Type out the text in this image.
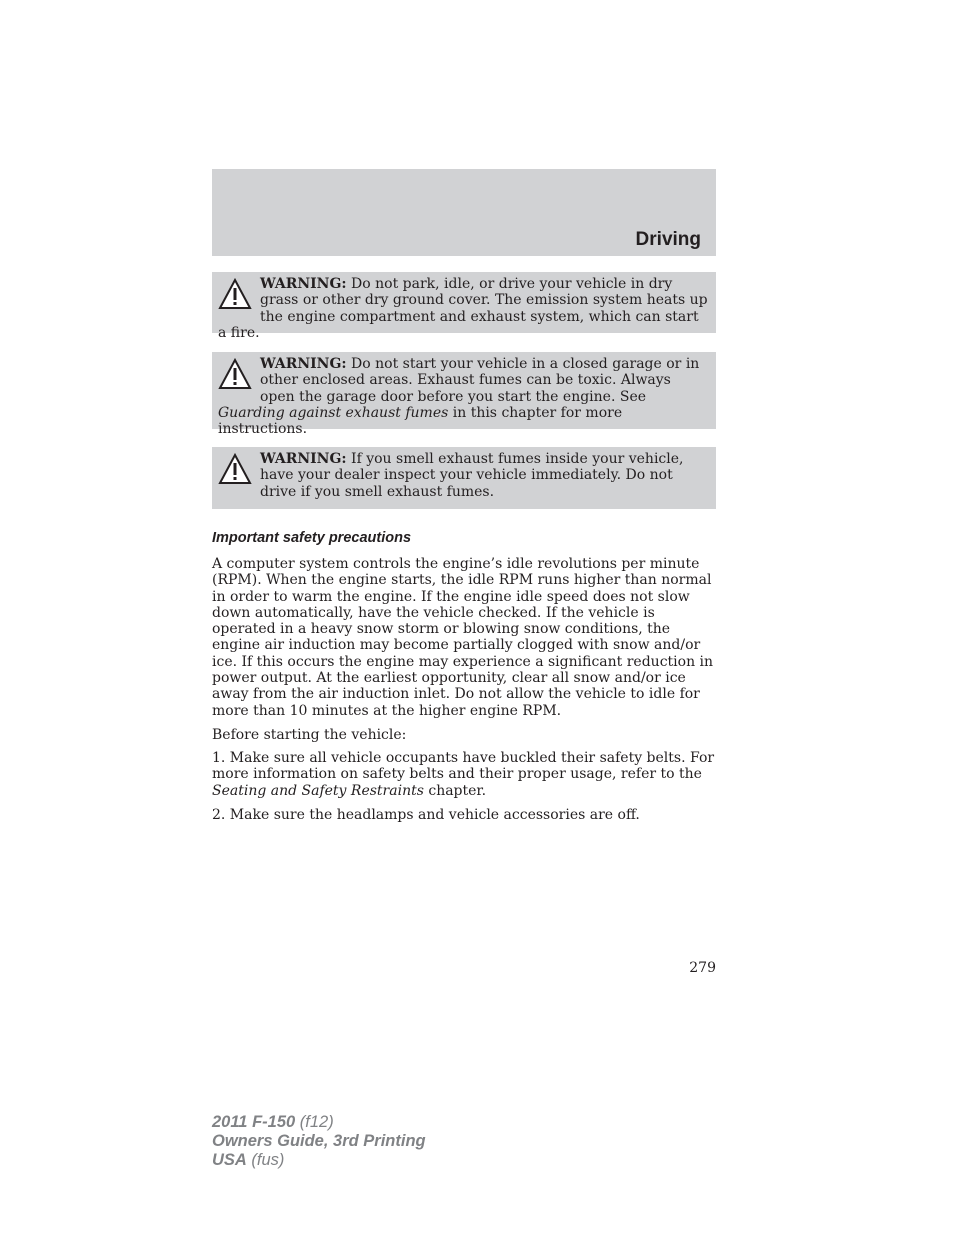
Driving
WARNING: Do not park, idle, or drive your vehicle in dry grass or other dry ground cover. The emission system heats up the engine compartment and exhaust system, which can start a fire.
WARNING: Do not start your vehicle in a closed garage or in other enclosed areas. Exhaust fumes can be toxic. Always open the garage door before you start the engine. See Guarding against exhaust fumes in this chapter for more instructions.
WARNING: If you smell exhaust fumes inside your vehicle, have your dealer inspect your vehicle immediately. Do not drive if you smell exhaust fumes.
Important safety precautions
A computer system controls the engine’s idle revolutions per minute (RPM). When the engine starts, the idle RPM runs higher than normal in order to warm the engine. If the engine idle speed does not slow down automatically, have the vehicle checked. If the vehicle is operated in a heavy snow storm or blowing snow conditions, the engine air induction may become partially clogged with snow and/or ice. If this occurs the engine may experience a significant reduction in power output. At the earliest opportunity, clear all snow and/or ice away from the air induction inlet. Do not allow the vehicle to idle for more than 10 minutes at the higher engine RPM.
Before starting the vehicle:
1. Make sure all vehicle occupants have buckled their safety belts. For more information on safety belts and their proper usage, refer to the Seating and Safety Restraints chapter.
2. Make sure the headlamps and vehicle accessories are off.
279
2011 F-150 (f12)
Owners Guide, 3rd Printing
USA (fus)
